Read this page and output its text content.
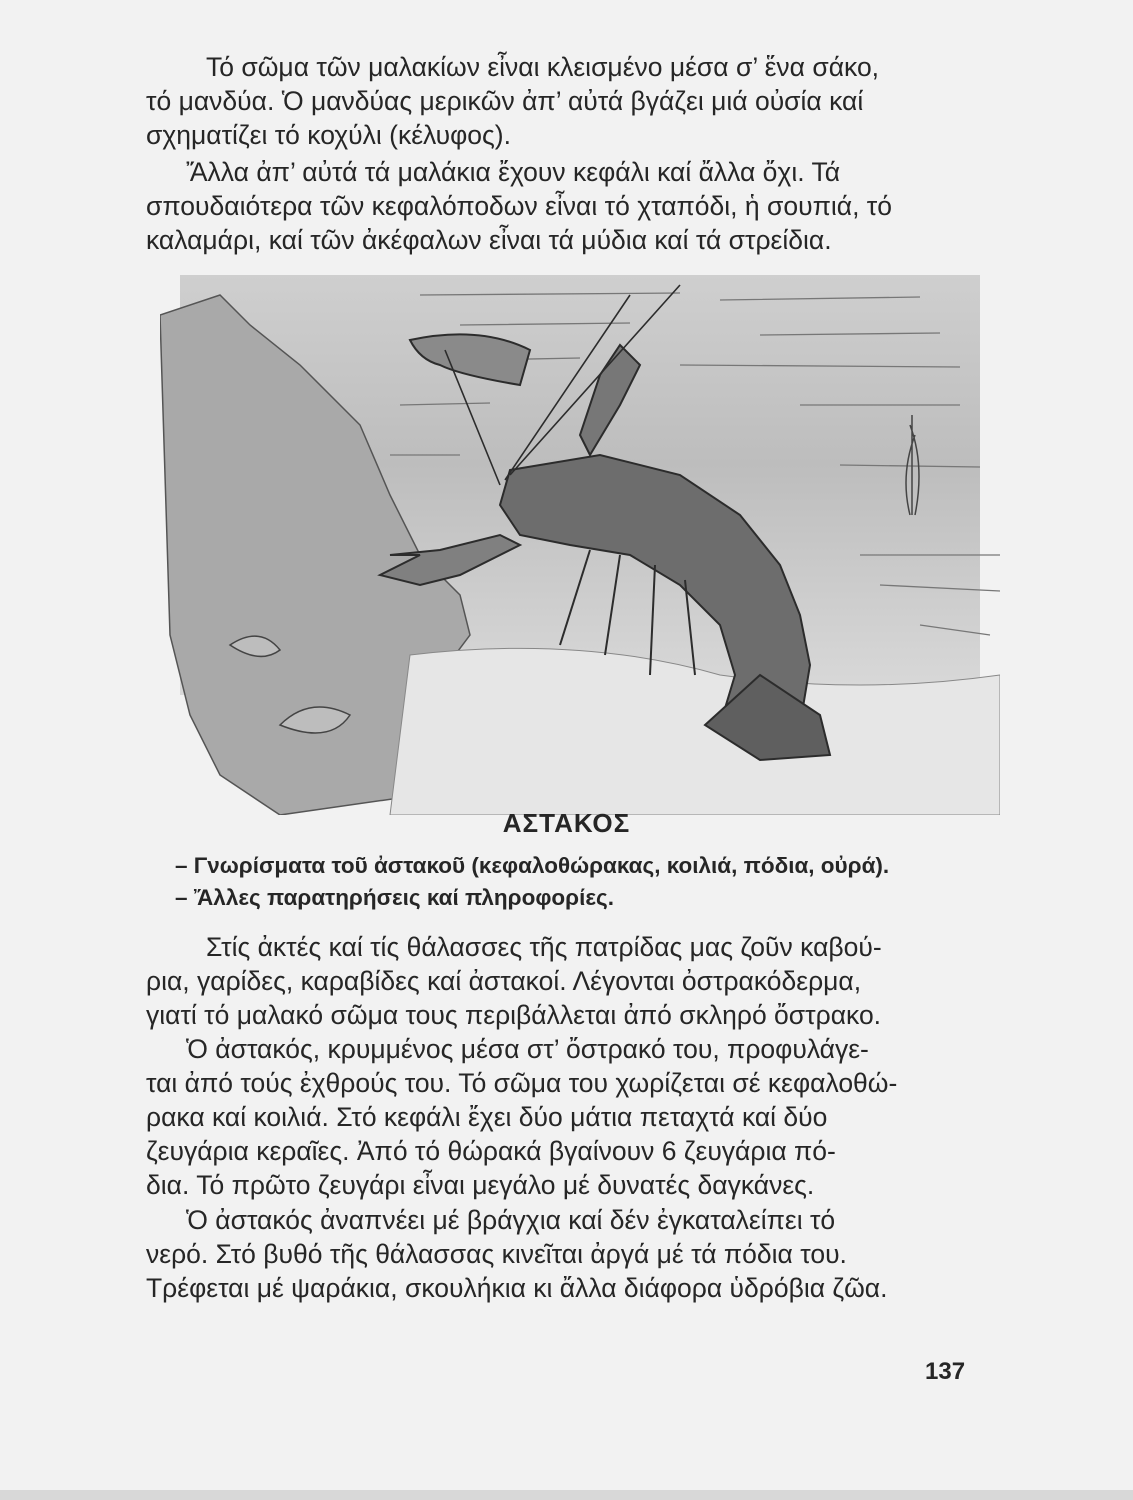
Τό σῶμα τῶν μαλακίων εἶναι κλεισμένο μέσα σ’ ἕνα σάκο,
τό μανδύα. Ὁ μανδύας μερικῶν ἀπ’ αὐτά βγάζει μιά οὐσία καί
σχηματίζει τό κοχύλι (κέλυφος).

Ἄλλα ἀπ’ αὐτά τά μαλάκια ἔχουν κεφάλι καί ἄλλα ὄχι. Τά
σπουδαιότερα τῶν κεφαλόποδων εἶναι τό χταπόδι, ἡ σουπιά, τό
καλαμάρι, καί τῶν ἀκέφαλων εἶναι τά μύδια καί τά στρείδια.

ΑΣΤΑΚΟΣ
– Γνωρίσματα τοῦ ἀστακοῦ (κεφαλοθώρακας, κοιλιά, πόδια, οὐρά).
– Ἄλλες παρατηρήσεις καί πληροφορίες.

Στίς ἀκτές καί τίς θάλασσες τῆς πατρίδας μας ζοῦν καβού-
ρια, γαρίδες, καραβίδες καί ἀστακοί. Λέγονται ὀστρακόδερμα,
γιατί τό μαλακό σῶμα τους περιβάλλεται ἀπό σκληρό ὄστρακο.

Ὁ ἀστακός, κρυμμένος μέσα στ’ ὄστρακό του, προφυλάγε-
ται ἀπό τούς ἐχθρούς του. Τό σῶμα του χωρίζεται σέ κεφαλοθώ-
ρακα καί κοιλιά. Στό κεφάλι ἔχει δύο μάτια πεταχτά καί δύο
ζευγάρια κεραῖες. Ἀπό τό θώρακά βγαίνουν 6 ζευγάρια πό-
δια. Τό πρῶτο ζευγάρι εἶναι μεγάλο μέ δυνατές δαγκάνες.

Ὁ ἀστακός ἀναπνέει μέ βράγχια καί δέν ἐγκαταλείπει τό
νερό. Στό βυθό τῆς θάλασσας κινεῖται ἀργά μέ τά πόδια του.
Τρέφεται μέ ψαράκια, σκουλήκια κι ἄλλα διάφορα ὑδρόβια ζῶα.

137
